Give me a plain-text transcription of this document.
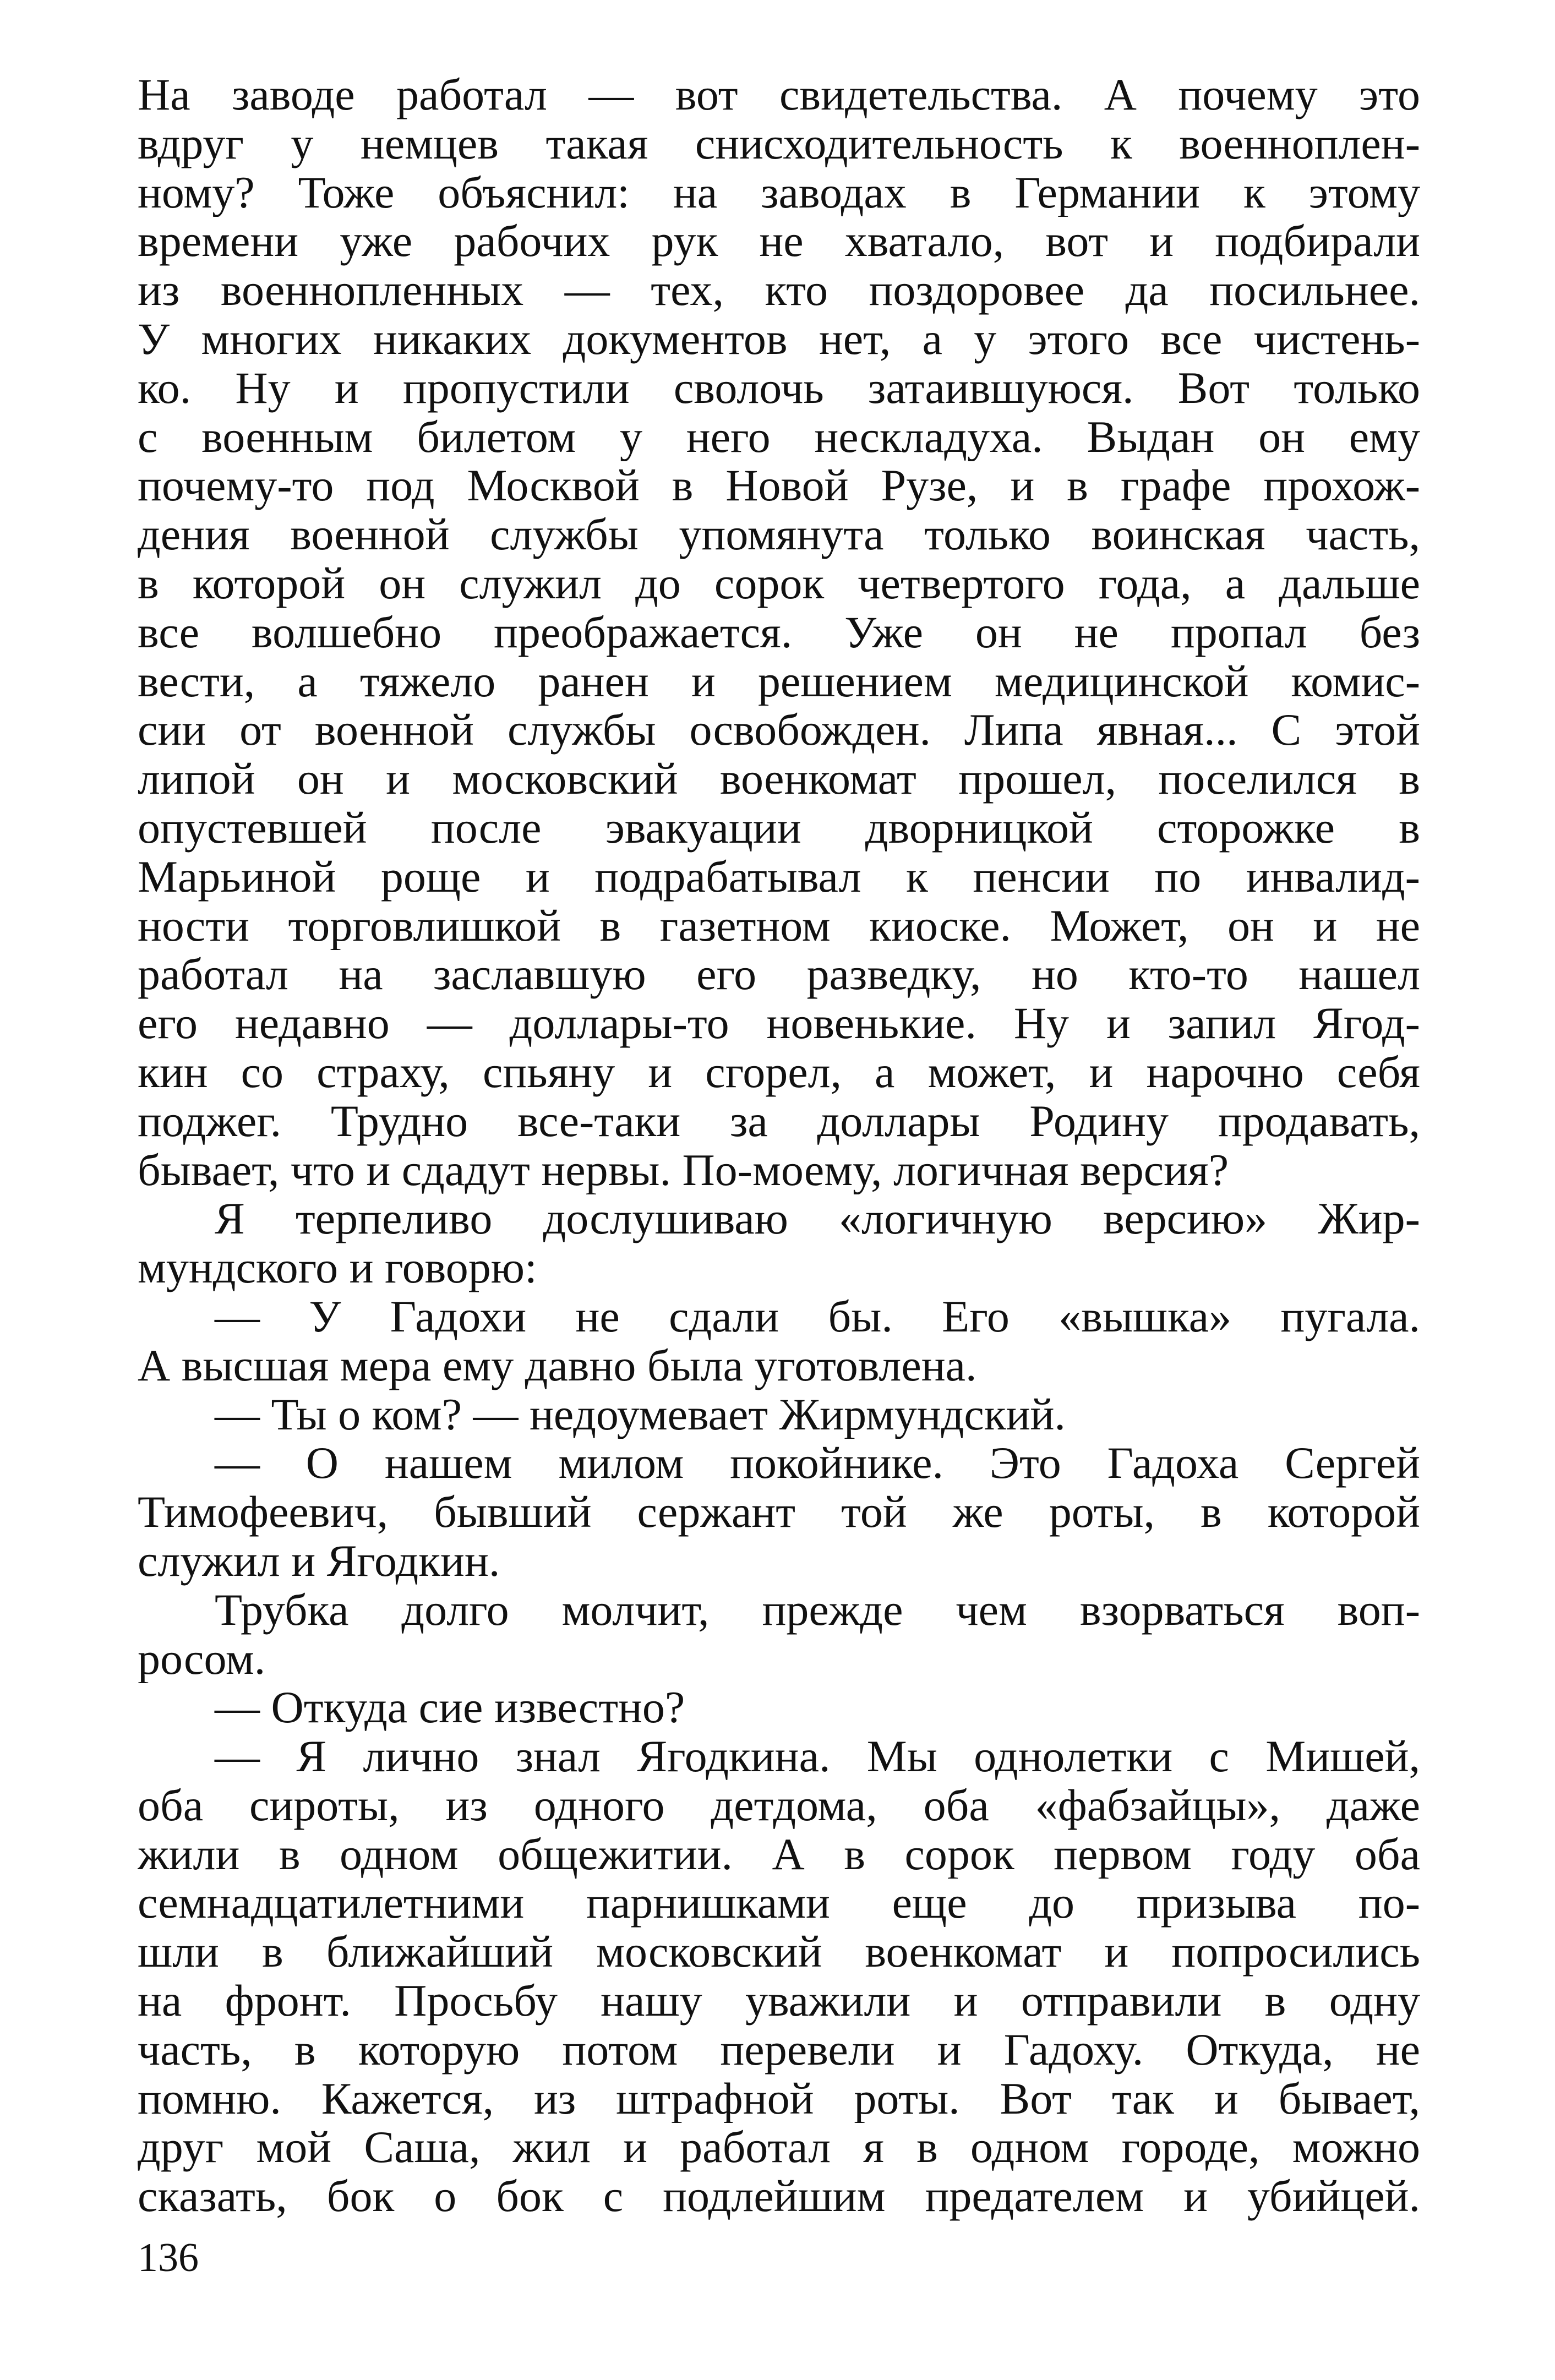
На заводе работал — вот свидетельства. А почему это
вдруг у немцев такая снисходительность к военноплен-
ному? Тоже объяснил: на заводах в Германии к этому
времени уже рабочих рук не хватало, вот и подбирали
из военнопленных — тех, кто поздоровее да посильнее.
У многих никаких документов нет, а у этого все чистень-
ко. Ну и пропустили сволочь затаившуюся. Вот только
с военным билетом у него нескладуха. Выдан он ему
почему-то под Москвой в Новой Рузе, и в графе прохож-
дения военной службы упомянута только воинская часть,
в которой он служил до сорок четвертого года, а дальше
все волшебно преображается. Уже он не пропал без
вести, а тяжело ранен и решением медицинской комис-
сии от военной службы освобожден. Липа явная... С этой
липой он и московский военкомат прошел, поселился в
опустевшей после эвакуации дворницкой сторожке в
Марьиной роще и подрабатывал к пенсии по инвалид-
ности торговлишкой в газетном киоске. Может, он и не
работал на заславшую его разведку, но кто-то нашел
его недавно — доллары-то новенькие. Ну и запил Ягод-
кин со страху, спьяну и сгорел, а может, и нарочно себя
поджег. Трудно все-таки за доллары Родину продавать,
бывает, что и сдадут нервы. По-моему, логичная версия?
Я терпеливо дослушиваю «логичную версию» Жир-
мундского и говорю:
— У Гадохи не сдали бы. Его «вышка» пугала.
А высшая мера ему давно была уготовлена.
— Ты о ком? — недоумевает Жирмундский.
— О нашем милом покойнике. Это Гадоха Сергей
Тимофеевич, бывший сержант той же роты, в которой
служил и Ягодкин.
Трубка долго молчит, прежде чем взорваться воп-
росом.
— Откуда сие известно?
— Я лично знал Ягодкина. Мы однолетки с Мишей,
оба сироты, из одного детдома, оба «фабзайцы», даже
жили в одном общежитии. А в сорок первом году оба
семнадцатилетними парнишками еще до призыва по-
шли в ближайший московский военкомат и попросились
на фронт. Просьбу нашу уважили и отправили в одну
часть, в которую потом перевели и Гадоху. Откуда, не
помню. Кажется, из штрафной роты. Вот так и бывает,
друг мой Саша, жил и работал я в одном городе, можно
сказать, бок о бок с подлейшим предателем и убийцей.
136
